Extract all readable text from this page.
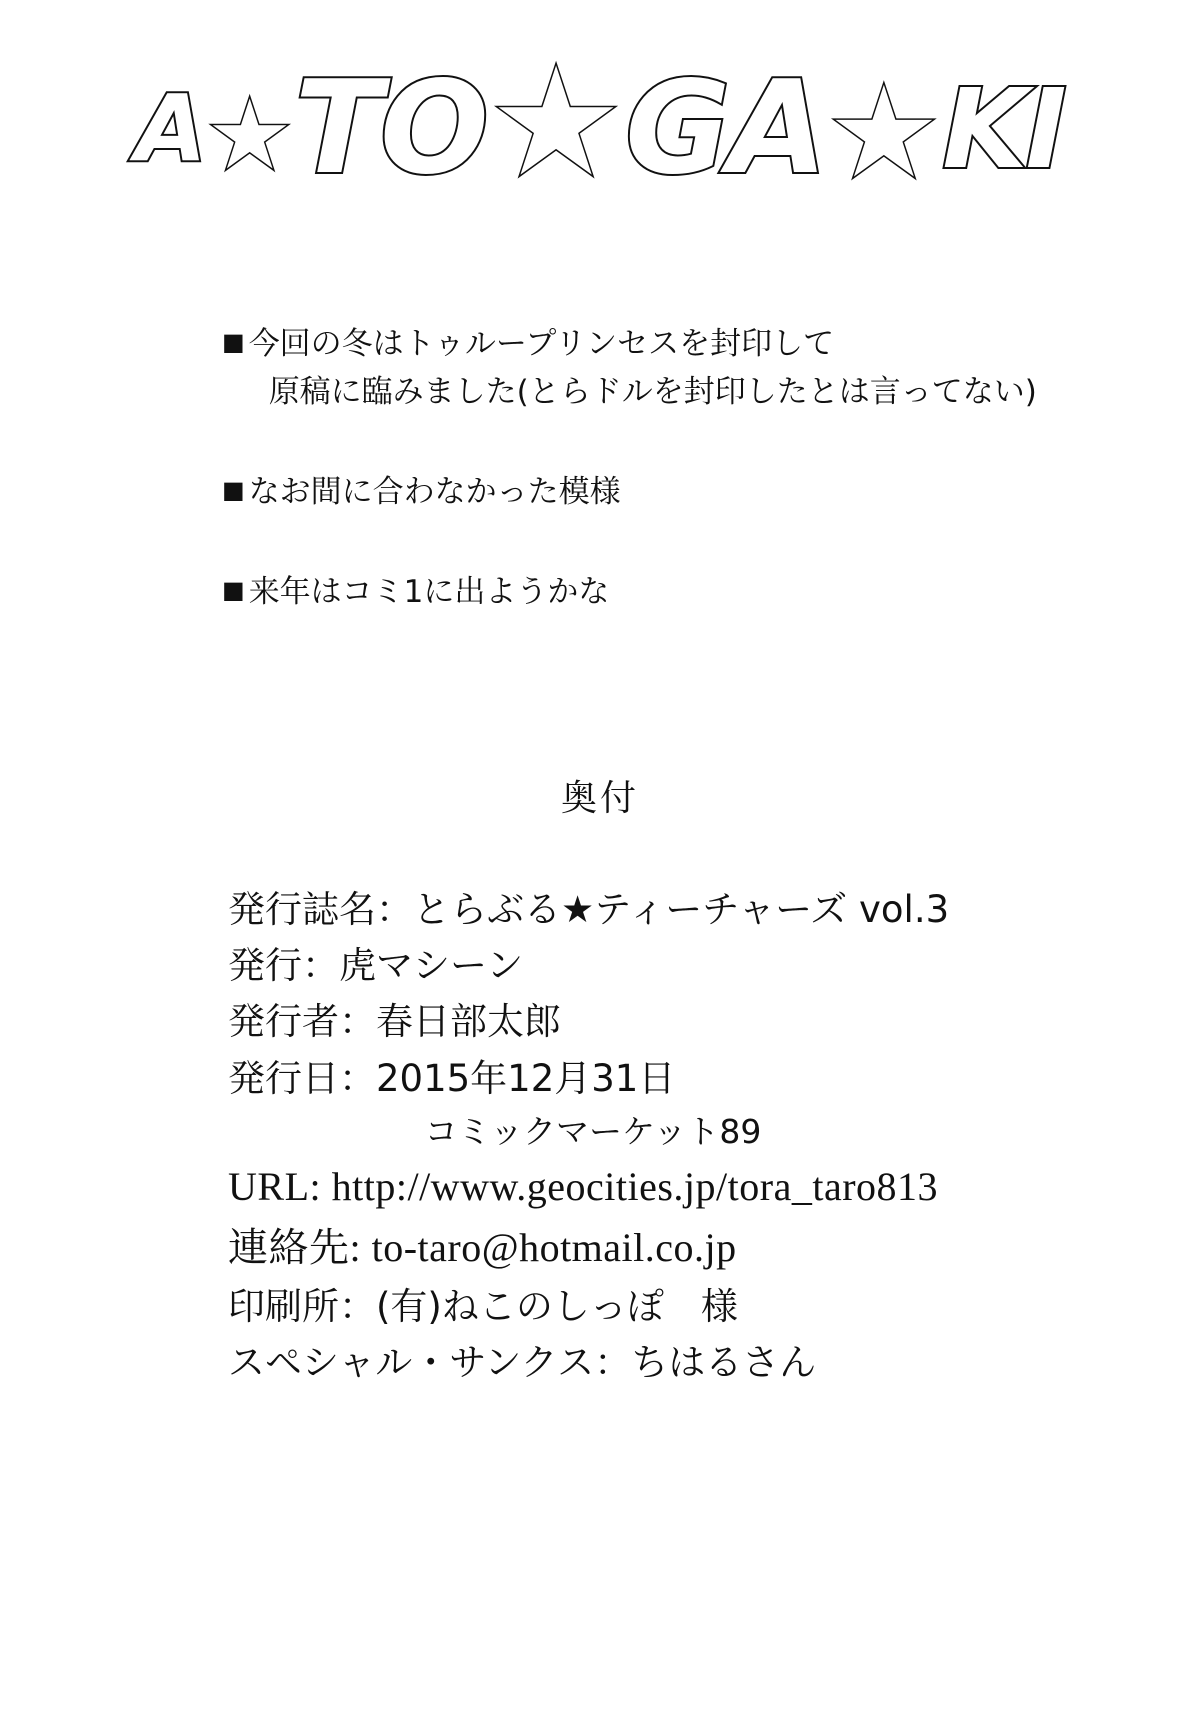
A ★ TO ★ GA ★ KI
■ 今回の冬はトゥループリンセスを封印して
原稿に臨みました(とらドルを封印したとは言ってない)
■ なお間に合わなかった模様
■ 来年はコミ1に出ようかな
奥付
発行誌名：とらぶる★ティーチャーズ vol.3
発行：虎マシーン
発行者：春日部太郎
発行日：2015年12月31日
コミックマーケット89
URL: http://www.geocities.jp/tora_taro813
連絡先: to-taro@hotmail.co.jp
印刷所：(有)ねこのしっぽ　様
スペシャル・サンクス：ちはるさん
